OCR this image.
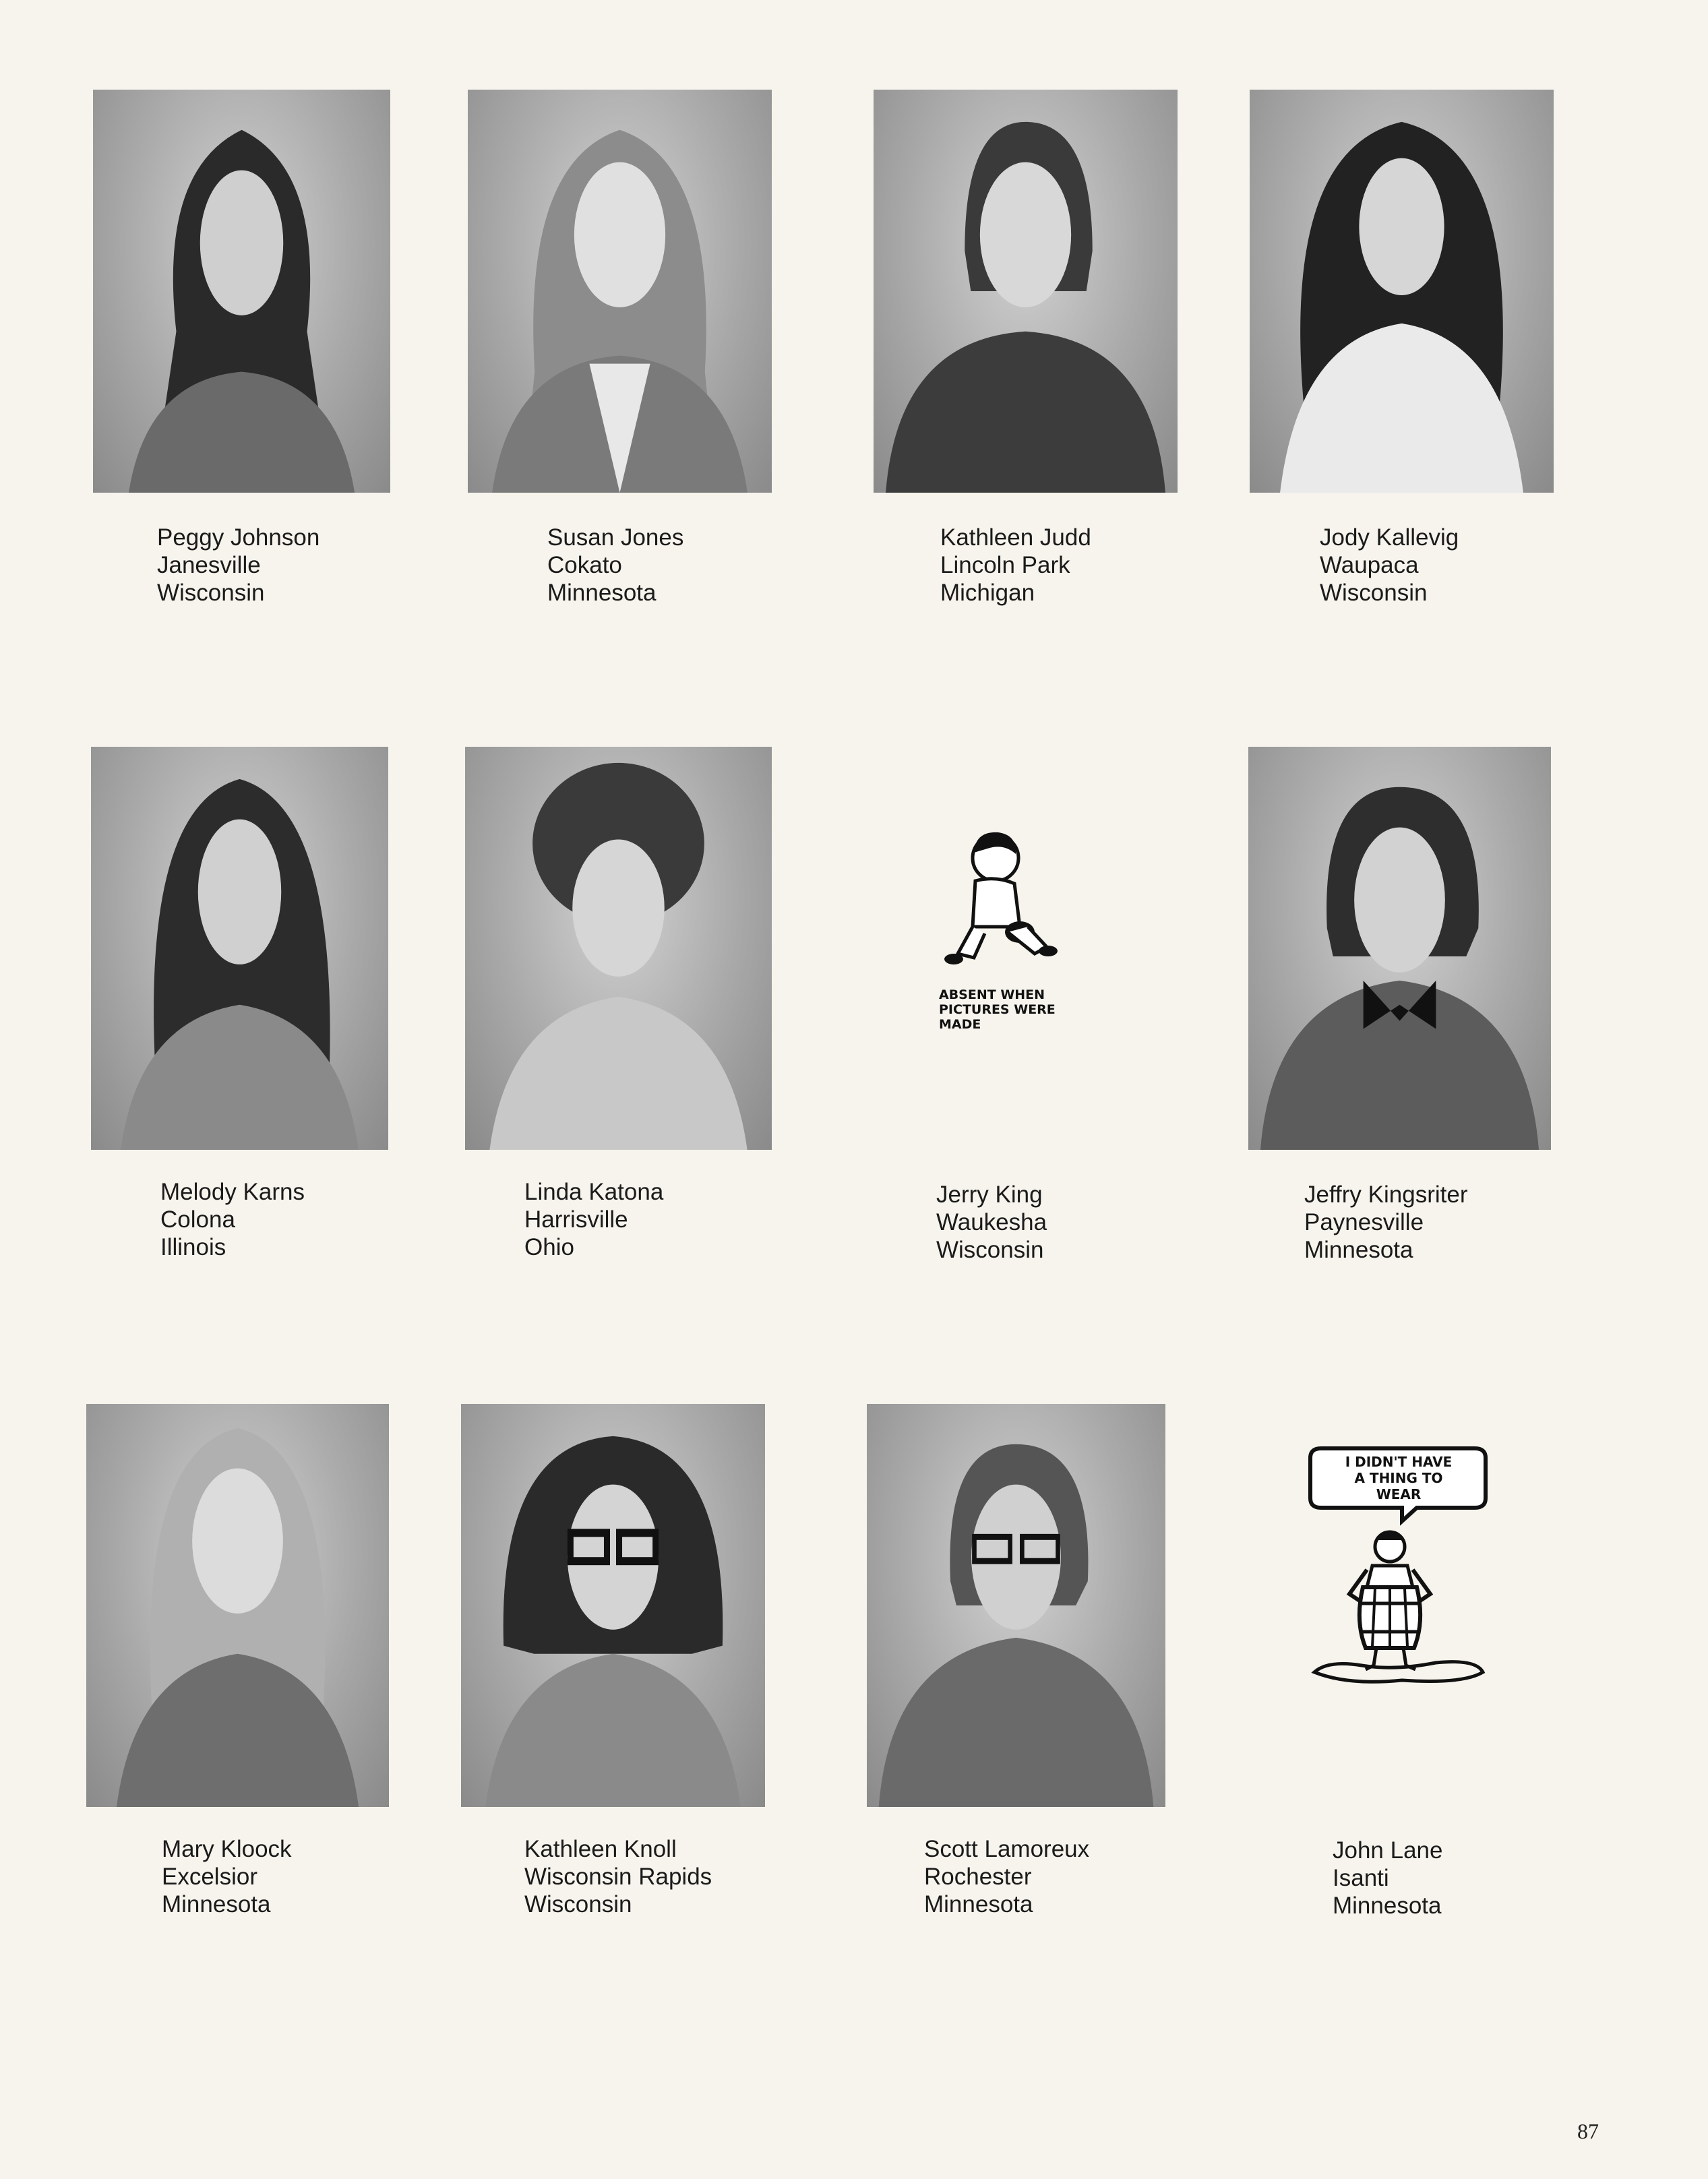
Peggy Johnson
Janesville
Wisconsin
Susan Jones
Cokato
Minnesota
Kathleen Judd
Lincoln Park
Michigan
Jody Kallevig
Waupaca
Wisconsin
Melody Karns
Colona
Illinois
Linda Katona
Harrisville
Ohio
ABSENT WHEN
PICTURES WERE
MADE
Jerry King
Waukesha
Wisconsin
Jeffry Kingsriter
Paynesville
Minnesota
Mary Kloock
Excelsior
Minnesota
Kathleen Knoll
Wisconsin Rapids
Wisconsin
Scott Lamoreux
Rochester
Minnesota
I DIDN'T HAVE
A THING TO
WEAR
John Lane
Isanti
Minnesota
87
